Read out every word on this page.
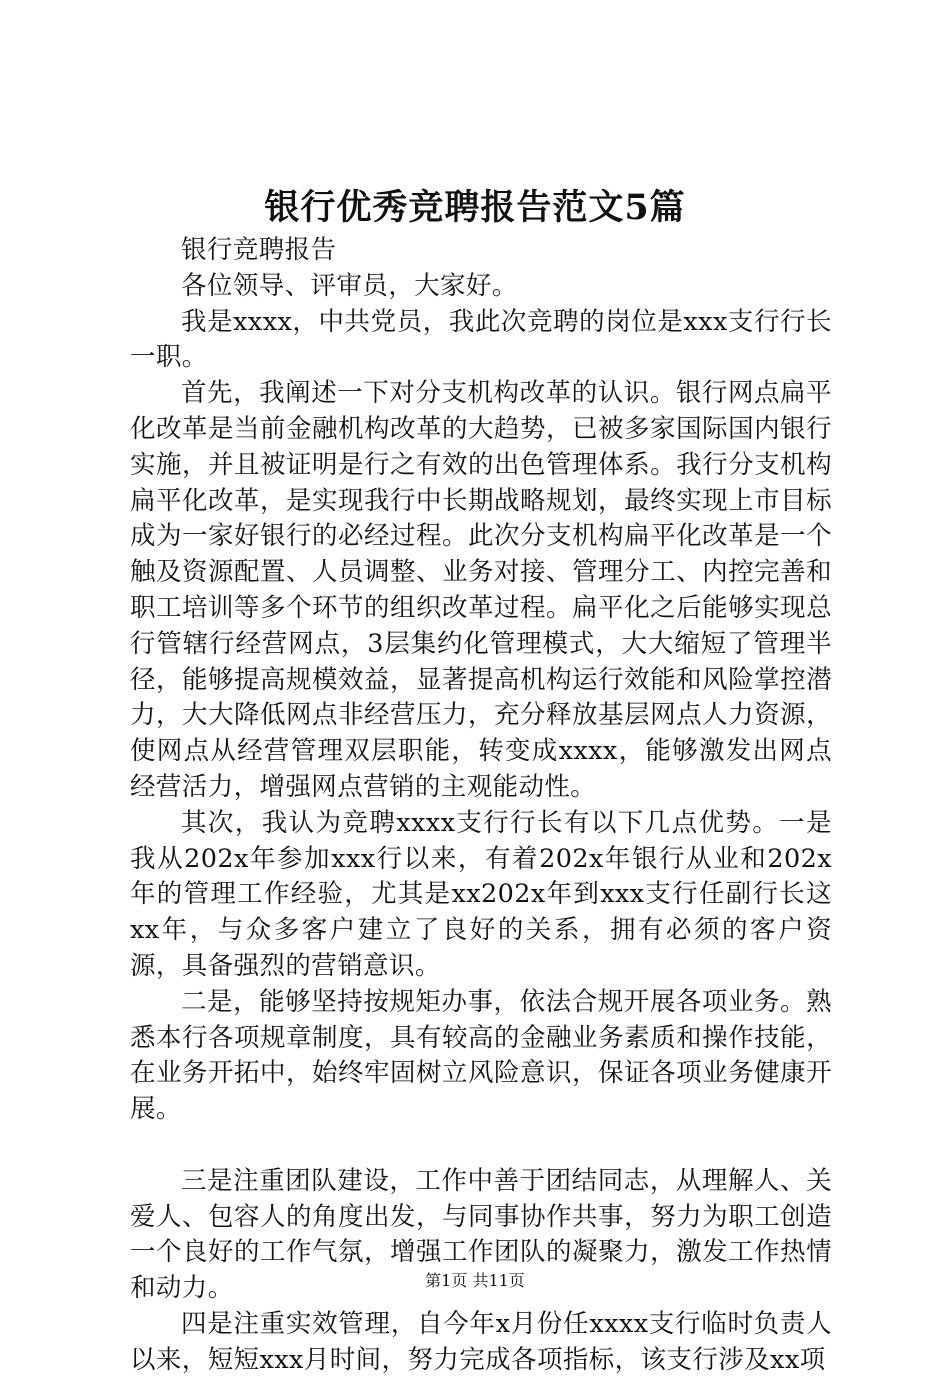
银行优秀竞聘报告范文5篇

银行竞聘报告

各位领导、评审员，大家好。

我是xxxx，中共党员，我此次竞聘的岗位是xxx支行行长一职。

首先，我阐述一下对分支机构改革的认识。银行网点扁平化改革是当前金融机构改革的大趋势，已被多家国际国内银行实施，并且被证明是行之有效的出色管理体系。我行分支机构扁平化改革，是实现我行中长期战略规划，最终实现上市目标成为一家好银行的必经过程。此次分支机构扁平化改革是一个触及资源配置、人员调整、业务对接、管理分工、内控完善和职工培训等多个环节的组织改革过程。扁平化之后能够实现总行管辖行经营网点，3层集约化管理模式，大大缩短了管理半径，能够提高规模效益，显著提高机构运行效能和风险掌控潜力，大大降低网点非经营压力，充分释放基层网点人力资源，使网点从经营管理双层职能，转变成xxxx，能够激发出网点经营活力，增强网点营销的主观能动性。

其次，我认为竞聘xxxx支行行长有以下几点优势。一是我从202x年参加xxx行以来，有着202x年银行从业和202x年的管理工作经验，尤其是xx202x年到xxx支行任副行长这xx年，与众多客户建立了良好的关系，拥有必须的客户资源，具备强烈的营销意识。

二是，能够坚持按规矩办事，依法合规开展各项业务。熟悉本行各项规章制度，具有较高的金融业务素质和操作技能，在业务开拓中，始终牢固树立风险意识，保证各项业务健康开展。

三是注重团队建设，工作中善于团结同志，从理解人、关爱人、包容人的角度出发，与同事协作共事，努力为职工创造一个良好的工作气氛，增强工作团队的凝聚力，激发工作热情和动力。

四是注重实效管理，自今年x月份任xxxx支行临时负责人以来，短短xxx月时间，努力完成各项指标，该支行涉及xx项

第1页 共11页
